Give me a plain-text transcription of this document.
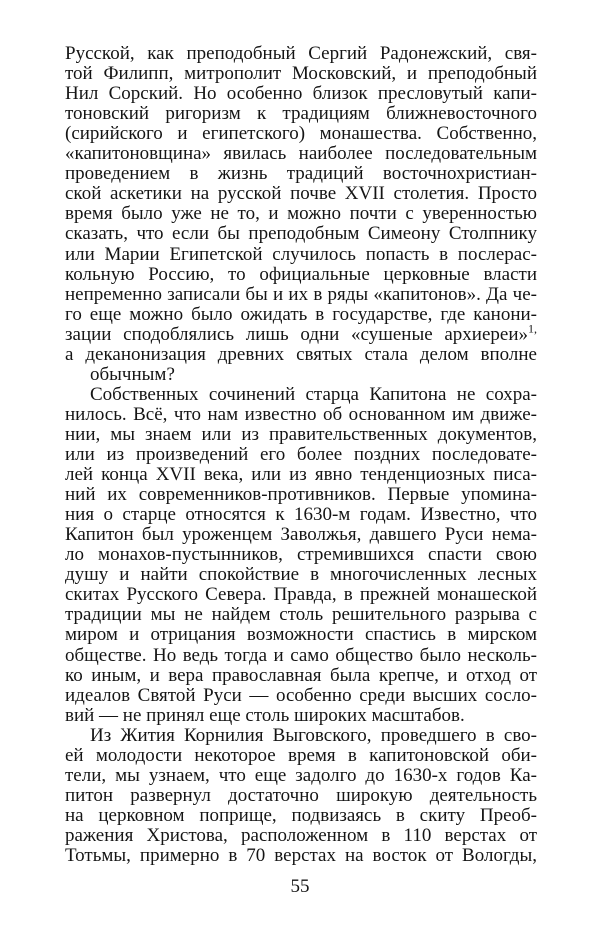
Русской, как преподобный Сергий Радонежский, свя-
той Филипп, митрополит Московский, и преподобный
Нил Сорский. Но особенно близок пресловутый капи-
тоновский ригоризм к традициям ближневосточного
(сирийского и египетского) монашества. Собственно,
«капитоновщина» явилась наиболее последовательным
проведением в жизнь традиций восточнохристиан-
ской аскетики на русской почве XVII столетия. Просто
время было уже не то, и можно почти с уверенностью
сказать, что если бы преподобным Симеону Столпнику
или Марии Египетской случилось попасть в послерас-
кольную Россию, то официальные церковные власти
непременно записали бы и их в ряды «капитонов». Да че-
го еще можно было ожидать в государстве, где канони-
зации сподоблялись лишь одни «сушеные архиереи»$^{1,}$
а деканонизация древних святых стала делом вполне
обычным?
Собственных сочинений старца Капитона не сохра-
нилось. Всё, что нам известно об основанном им движе-
нии, мы знаем или из правительственных документов,
или из произведений его более поздних последовате-
лей конца XVII века, или из явно тенденциозных писа-
ний их современников-противников. Первые упомина-
ния о старце относятся к 1630-м годам. Известно, что
Капитон был уроженцем Заволжья, давшего Руси нема-
ло монахов-пустынников, стремившихся спасти свою
душу и найти спокойствие в многочисленных лесных
скитах Русского Севера. Правда, в прежней монашеской
традиции мы не найдем столь решительного разрыва с
миром и отрицания возможности спастись в мирском
обществе. Но ведь тогда и само общество было несколь-
ко иным, и вера православная была крепче, и отход от
идеалов Святой Руси — особенно среди высших сосло-
вий — не принял еще столь широких масштабов.
Из Жития Корнилия Выговского, проведшего в сво-
ей молодости некоторое время в капитоновской оби-
тели, мы узнаем, что еще задолго до 1630-х годов Ка-
питон развернул достаточно широкую деятельность
на церковном поприще, подвизаясь в скиту Преоб-
ражения Христова, расположенном в 110 верстах от
Тотьмы, примерно в 70 верстах на восток от Вологды,
55
